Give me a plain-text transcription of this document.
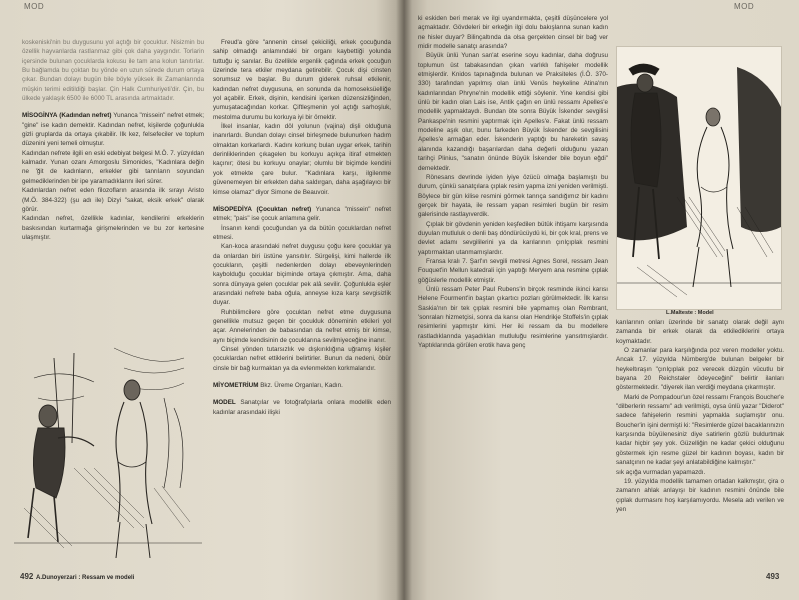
MOD

koskeniski'nin bu duygusunu yol açtığı bir çocuktur. Nisizmin bu özellik hayvanlarda rastlanmaz gibi çok daha yaygındır. Torlarin içersinde bulunan çocuklarda kokusu ile tam ana kolun tanıtırlar. Bu bağlamda bu çoktan bu yönde en uzun sürede durum ortaya çıkar. Bundan dolayı bugün bile böyle yüksek ilk Zamanlarında müşkin terimi editildiği başlar. Çin Halk Cumhuriyeti'dir. Çin, bu ülkede yaklaşık 6500 ile 6000 TL arasında artmaktadır.

MİSOGİNYA (Kadından nefret) Yunanca "missein" nefret etmek; "gine" ise kadın demektir. Kadından nefret, kişilerde çoğunlukla gizli gruplarda da ortaya çıkabilir. Ilk kez, felsefeciler ve toplum düzenini yeni temeli olmuştur.

Kadından nefrete ilgili en eski edebiyat belgesi M.Ö. 7. yüzyıldan kalmadır. Yunan ozanı Amorgoslu Simonides, "Kadınlara değin ne 'ğit de kadınların, erkekler gibi tanrıların soyundan gelmediklerinden bir ipe yaramadıklarını ileri sürer.

Kadınlardan nefret eden filozofların arasında ilk sırayı Aristo (M.Ö. 384-322) (şu adı ile) Dizyi "sakat, eksik erkek" olarak görür.

Kadından nefret, özellikle kadınlar, kendilerini erkeklerin baskısından kurtarmağa girişmelerinden ve bu zor kertesine ulaşmıştır.

A.Dunoyerzari : Ressam ve modeli

Freud'a göre "annenin cinsel çekiciliği, erkek çocuğunda sahip olmadığı anlamındaki bir organı kaybettiği yolunda tuttuğu iç sanılar. Bu özellikle ergenlik çağında erkek çocuğun üzerinde tera etkiler meydana getirebilir. Çocuk dişi cinsten sorumsuz ve başlar. Bu durum giderek ruhsal etkilenir, kadından nefret duygusuna, en sonunda da homoseksüelliğe yol açabilir. Erkek, dişinin, kendisini içerken düzensizliğinden, yumuşatacağından korkar. Çiftleşmenin yol açtığı sarhoşluk, mestolma durumu bu korkuya iyi bir örnektir.

İlkel insanlar, kadın döl yolunun (vajina) dişli olduğuna inanırlardı. Bundan dolayı cinsel birleşmede bulunurken hadım olmaktan korkarlardı. Kadını korkunç bulan uygar erkek, tarihin derinliklerinden çıkagelen bu korkuyu açıkça itiraf etmekten kaçınır; ötesi bu korkuyu onaylar; olumlu bir biçimde kendini yok etmekte çare bulur. "Kadınlara karşı, ilgilenme güvenemeyen bir erkekten daha saldırgan, daha aşağılayıcı bir kimse olamaz" diyor Simone de Beauvoir.

MİSOPEDİYA (Çocuktan nefret) Yunanca "missein" nefret etmek; "pais" ise çocuk anlamına gelir.

İnsanın kendi çocuğundan ya da bütün çocuklardan nefret etmesi.

Karı-koca arasındaki nefret duygusu çoğu kere çocuklar ya da onlardan biri üstüne yansıtılır. Sürgelişi, kimi hallerde ilk çocukların, çeşitli nedenlerden dolayı ebeveynlerinden kaybolduğu çocuklar biçiminde ortaya çıkmıştır. Ama, daha sonra dünyaya gelen çocuklar pek alâ sevilir. Çoğunlukla eşler arasındaki nefrete baba oğula, anneyse kıza karşı sevgisizlik duyar.

Ruhbilimcilere göre çocuktan nefret etme duygusuna genellikle mutsuz geçen bir çocukluk döneminin etkileri yol açar. Annelerinden de babasından da nefret etmiş bir kimse, aynı biçimde kendisinin de çocuklarına sevilmiyeceğine inanır.

Cinsel yönden tutarsızlık ve dışkırıklığına uğramış kişiler çocuklardan nefret ettiklerini belirtirler. Bunun da nedeni, öbür cinsle bir bağ kurmaktan ya da evlenmekten korkmalarıdır.

MİYOMETRİUM Bkz. Üreme Organları, Kadın.

MODEL Sanatçılar ve fotoğrafçılarla onlara modellik eden kadınlar arasındaki ilişki

492
MOD

ki eskiden beri merak ve ilgi uyandırmakta, çeşitli düşüncelere yol açmaktadır. Gövdeleri bir erkeğin ilgi dolu bakışlarına sunan kadın ne hisler duyar? Bilinçaltında da olsa gerçekten cinsel bir bağ ver midir modelle sanatçı arasında?

Büyük ünlü Yunan san'at eserine soyu kadınlar, daha doğrusu toplumun üst tabakasından çıkan varlıklı fahişeler modellik etmişlerdir. Knidos tapınağında bulunan ve Praksiteles (İ.Ö. 370-330) tarafından yapılmış olan ünlü Venüs heykeline Atina'nın kadınlarından Phryne'nin modellik ettiği söylenir. Yine kendisi gibi ünlü bir kadın olan Lais ise, Antik çağın en ünlü ressamı Apelles'e modellik yapmaktaydı. Bundan öte sonra Büyük İskender sevgilisi Pankaspe'nin resmini yaptırmak için Apelles'e. Fakat ünlü ressam modeline aşık olur, bunu farkeden Büyük İskender de sevgilisini Apelles'e armağan eder. İskenderin yaptığı bu hareketin savaş alanında kazandığı başarılardan daha değerli olduğunu yazan tarihçi Plinius, "sanatın önünde Büyük İskender bile boyun eğdi" demektedir.

Rönesans devrinde iyiden iyiye özücü olmağa başlamıştı bu durum, çünkü sanatçılara çıplak resim yapma izni yeniden verilmişti. Böylece bir gün kilise resmini görmek tanrıça sandığımız bir kadını gerçek bir hayata, ile ressam yapan resimleri bugün bir resim galerisinde rastlayıverdik.

Çıplak bir gövdenin yeniden keşfedilen bütük ihtişamı karşısında duyulan mutluluk o denli baş döndürücüydü ki, bir çok kral, prens ve devlet adamı sevgililerini ya da karılarının çırılçıplak resmini yaptırmaktan utanmamışlardır.

Fransa kralı 7. Şarl'ın sevgili metresi Agnes Sorel, ressam Jean Fouquet'in Mellun katedrali için yaptığı Meryem ana resmine çıplak göğüslerle modellik etmiştir.

Ünlü ressam Peter Paul Rubens'in birçok resminde ikinci karısı Helene Fourment'in baştan çıkartıcı pozları görülmektedir. İlk karısı Saskia'nın bir tek çıplak resmini bile yapmamış olan Rembrant, 'sonraları hizmetçisi, sonra da karısı olan Hendrikje Stoffels'in çıplak resimlerini yapmıştır kimi. Her iki ressam da bu modellere rastladıklarında yaşadıkları mutluluğu resimlerine yansıtmışlardır. Yaptıklarında görülen erotik hava genç

karılarının onları üzerinde bir sanatçı olarak değil aynı zamanda bir erkek olarak da etkilediklerini ortaya koymaktadır.

O zamanlar para karşılığında poz veren modeller yoktu. Ancak 17. yüzyılda Nürnberg'de bulunan belgeler bir heykeltıraşın "çırılçıplak poz verecek düzgün vücutlu bir bayana 20 Reichstaler ödeyeceğini" belirtir ilanları göstermektedir. "diyerek ilan verdiği meydana çıkarmıştır.

Marki de Pompadour'un özel ressamı François Boucher'e "dilberlerin ressamı" adı verilmişti, oysa ünlü yazar "Diderot" sadece fahişelerin resmini yapmakla suçlamıştır onu. Boucher'in işini dermişti ki: "Resimlerde güzel bacaklarınızın karşısında büyülenesiniz diye satirlerin gözlü buldurtmak kadar hiçbir şey yok. Güzelliğin ne kadar çekici olduğunu göstermek için resme güzel bir kadının boyası, kadın bir sanatçının ne kadar şeyi anlatabildiğine kalmıştır."

sık açığa vurmadan yapamazdı.

19. yüzyılda modellik tamamen ortadan kalkmıştır, çira o zamanın ahlak anlayışı bir kadının resmini önünde bile çıplak durmasını hoş karşılamıyordu. Mesela adı verilen ve yen

L.Malteste : Model
493
